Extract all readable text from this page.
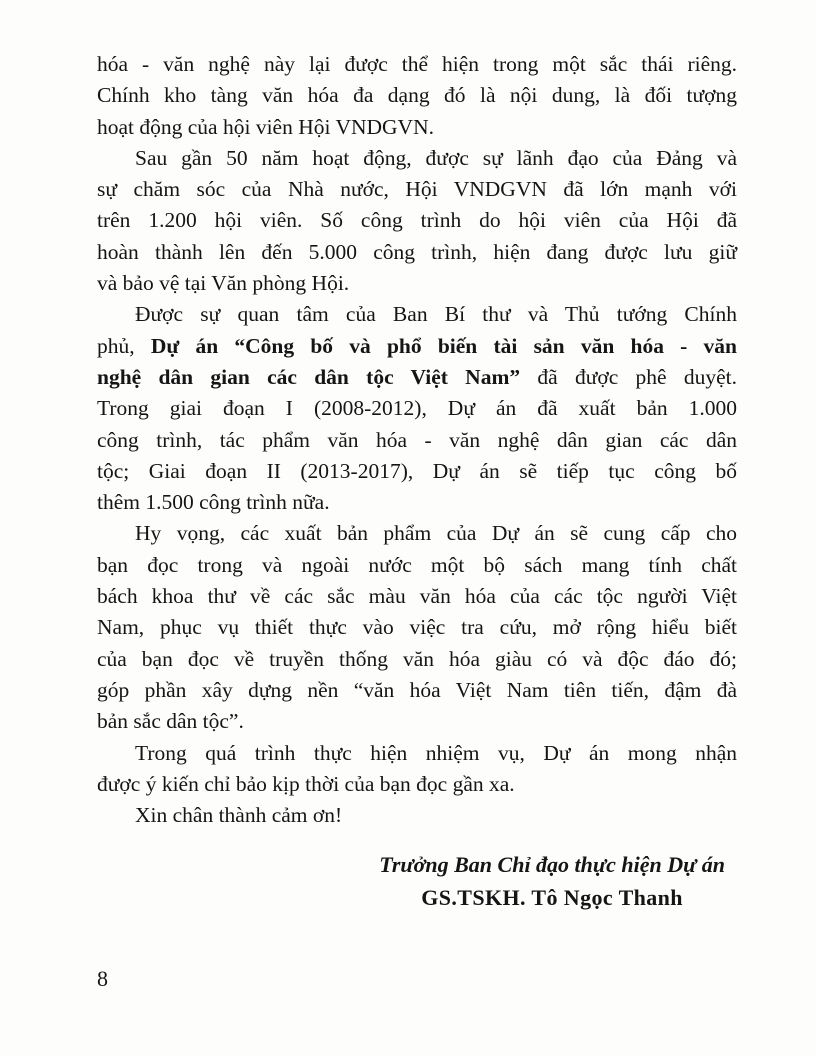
hóa - văn nghệ này lại được thể hiện trong một sắc thái riêng.
Chính kho tàng văn hóa đa dạng đó là nội dung, là đối tượng
hoạt động của hội viên Hội VNDGVN.
Sau gần 50 năm hoạt động, được sự lãnh đạo của Đảng và
sự chăm sóc của Nhà nước, Hội VNDGVN đã lớn mạnh với
trên 1.200 hội viên. Số công trình do hội viên của Hội đã
hoàn thành lên đến 5.000 công trình, hiện đang được lưu giữ
và bảo vệ tại Văn phòng Hội.
Được sự quan tâm của Ban Bí thư và Thủ tướng Chính
phủ, Dự án “Công bố và phổ biến tài sản văn hóa - văn
nghệ dân gian các dân tộc Việt Nam” đã được phê duyệt.
Trong giai đoạn I (2008-2012), Dự án đã xuất bản 1.000
công trình, tác phẩm văn hóa - văn nghệ dân gian các dân
tộc; Giai đoạn II (2013-2017), Dự án sẽ tiếp tục công bố
thêm 1.500 công trình nữa.
Hy vọng, các xuất bản phẩm của Dự án sẽ cung cấp cho
bạn đọc trong và ngoài nước một bộ sách mang tính chất
bách khoa thư về các sắc màu văn hóa của các tộc người Việt
Nam, phục vụ thiết thực vào việc tra cứu, mở rộng hiểu biết
của bạn đọc về truyền thống văn hóa giàu có và độc đáo đó;
góp phần xây dựng nền “văn hóa Việt Nam tiên tiến, đậm đà
bản sắc dân tộc”.
Trong quá trình thực hiện nhiệm vụ, Dự án mong nhận
được ý kiến chỉ bảo kịp thời của bạn đọc gần xa.
Xin chân thành cảm ơn!
Trưởng Ban Chỉ đạo thực hiện Dự án
GS.TSKH. Tô Ngọc Thanh
8
